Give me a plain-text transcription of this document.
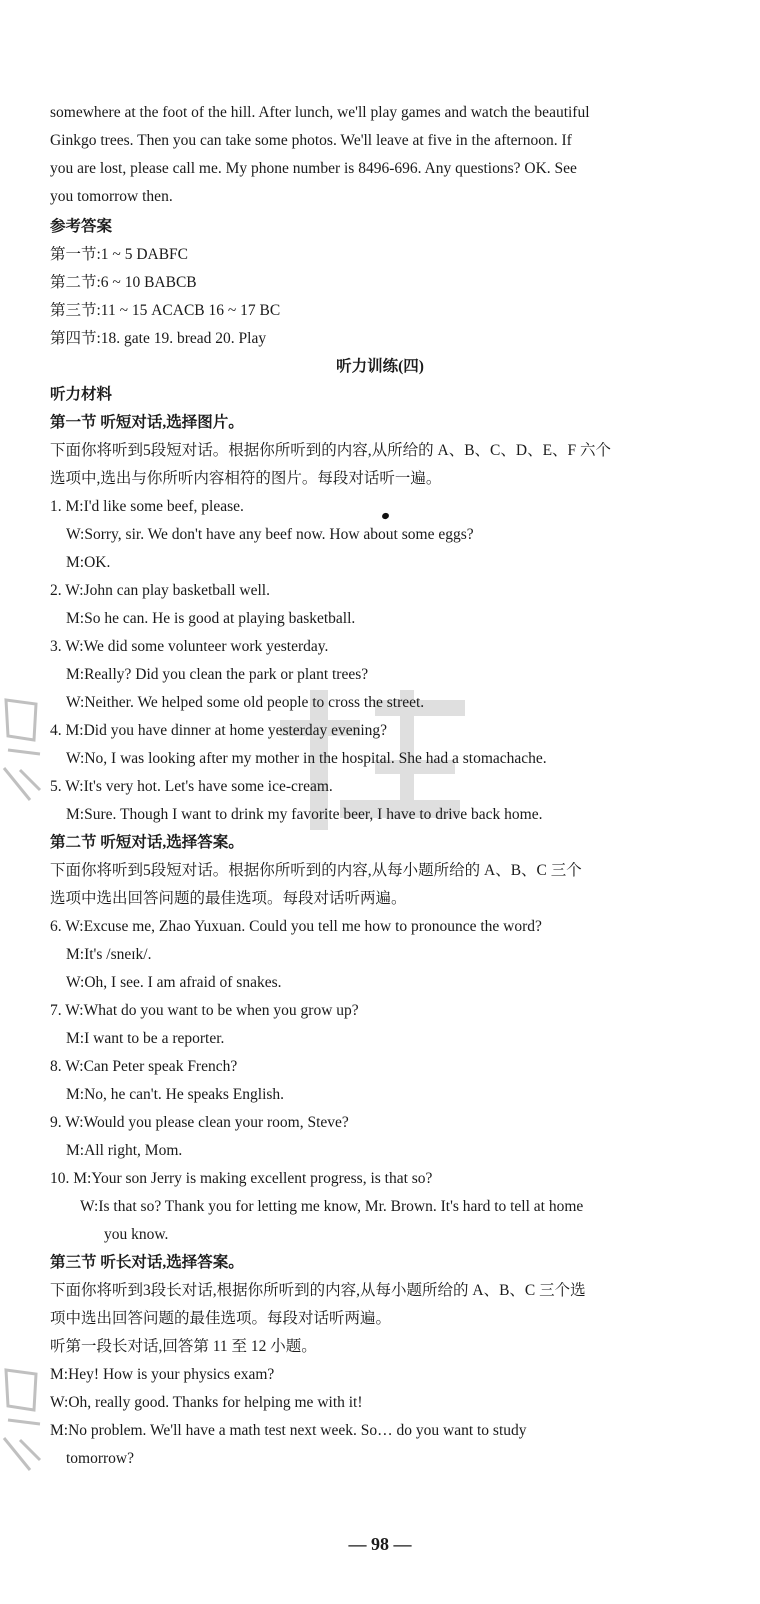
somewhere at the foot of the hill. After lunch, we'll play games and watch the beautiful
Ginkgo trees. Then you can take some photos. We'll leave at five in the afternoon. If
you are lost, please call me. My phone number is 8496-696. Any questions? OK. See
you tomorrow then.
参考答案
第一节:1 ~ 5 DABFC
第二节:6 ~ 10 BABCB
第三节:11 ~ 15 ACACB 16 ~ 17 BC
第四节:18. gate 19. bread 20. Play
听力训练(四)
听力材料
第一节 听短对话,选择图片。
下面你将听到5段短对话。根据你所听到的内容,从所给的 A、B、C、D、E、F 六个
选项中,选出与你所听内容相符的图片。每段对话听一遍。
1. M:I'd like some beef, please.
W:Sorry, sir. We don't have any beef now. How about some eggs?
M:OK.
2. W:John can play basketball well.
M:So he can. He is good at playing basketball.
3. W:We did some volunteer work yesterday.
M:Really? Did you clean the park or plant trees?
W:Neither. We helped some old people to cross the street.
4. M:Did you have dinner at home yesterday evening?
W:No, I was looking after my mother in the hospital. She had a stomachache.
5. W:It's very hot. Let's have some ice-cream.
M:Sure. Though I want to drink my favorite beer, I have to drive back home.
第二节 听短对话,选择答案。
下面你将听到5段短对话。根据你所听到的内容,从每小题所给的 A、B、C 三个
选项中选出回答问题的最佳选项。每段对话听两遍。
6. W:Excuse me, Zhao Yuxuan. Could you tell me how to pronounce the word?
M:It's /sneɪk/.
W:Oh, I see. I am afraid of snakes.
7. W:What do you want to be when you grow up?
M:I want to be a reporter.
8. W:Can Peter speak French?
M:No, he can't. He speaks English.
9. W:Would you please clean your room, Steve?
M:All right, Mom.
10. M:Your son Jerry is making excellent progress, is that so?
W:Is that so? Thank you for letting me know, Mr. Brown. It's hard to tell at home
you know.
第三节 听长对话,选择答案。
下面你将听到3段长对话,根据你所听到的内容,从每小题所给的 A、B、C 三个选
项中选出回答问题的最佳选项。每段对话听两遍。
听第一段长对话,回答第 11 至 12 小题。
M:Hey! How is your physics exam?
W:Oh, really good. Thanks for helping me with it!
M:No problem. We'll have a math test next week. So… do you want to study
tomorrow?
— 98 —
